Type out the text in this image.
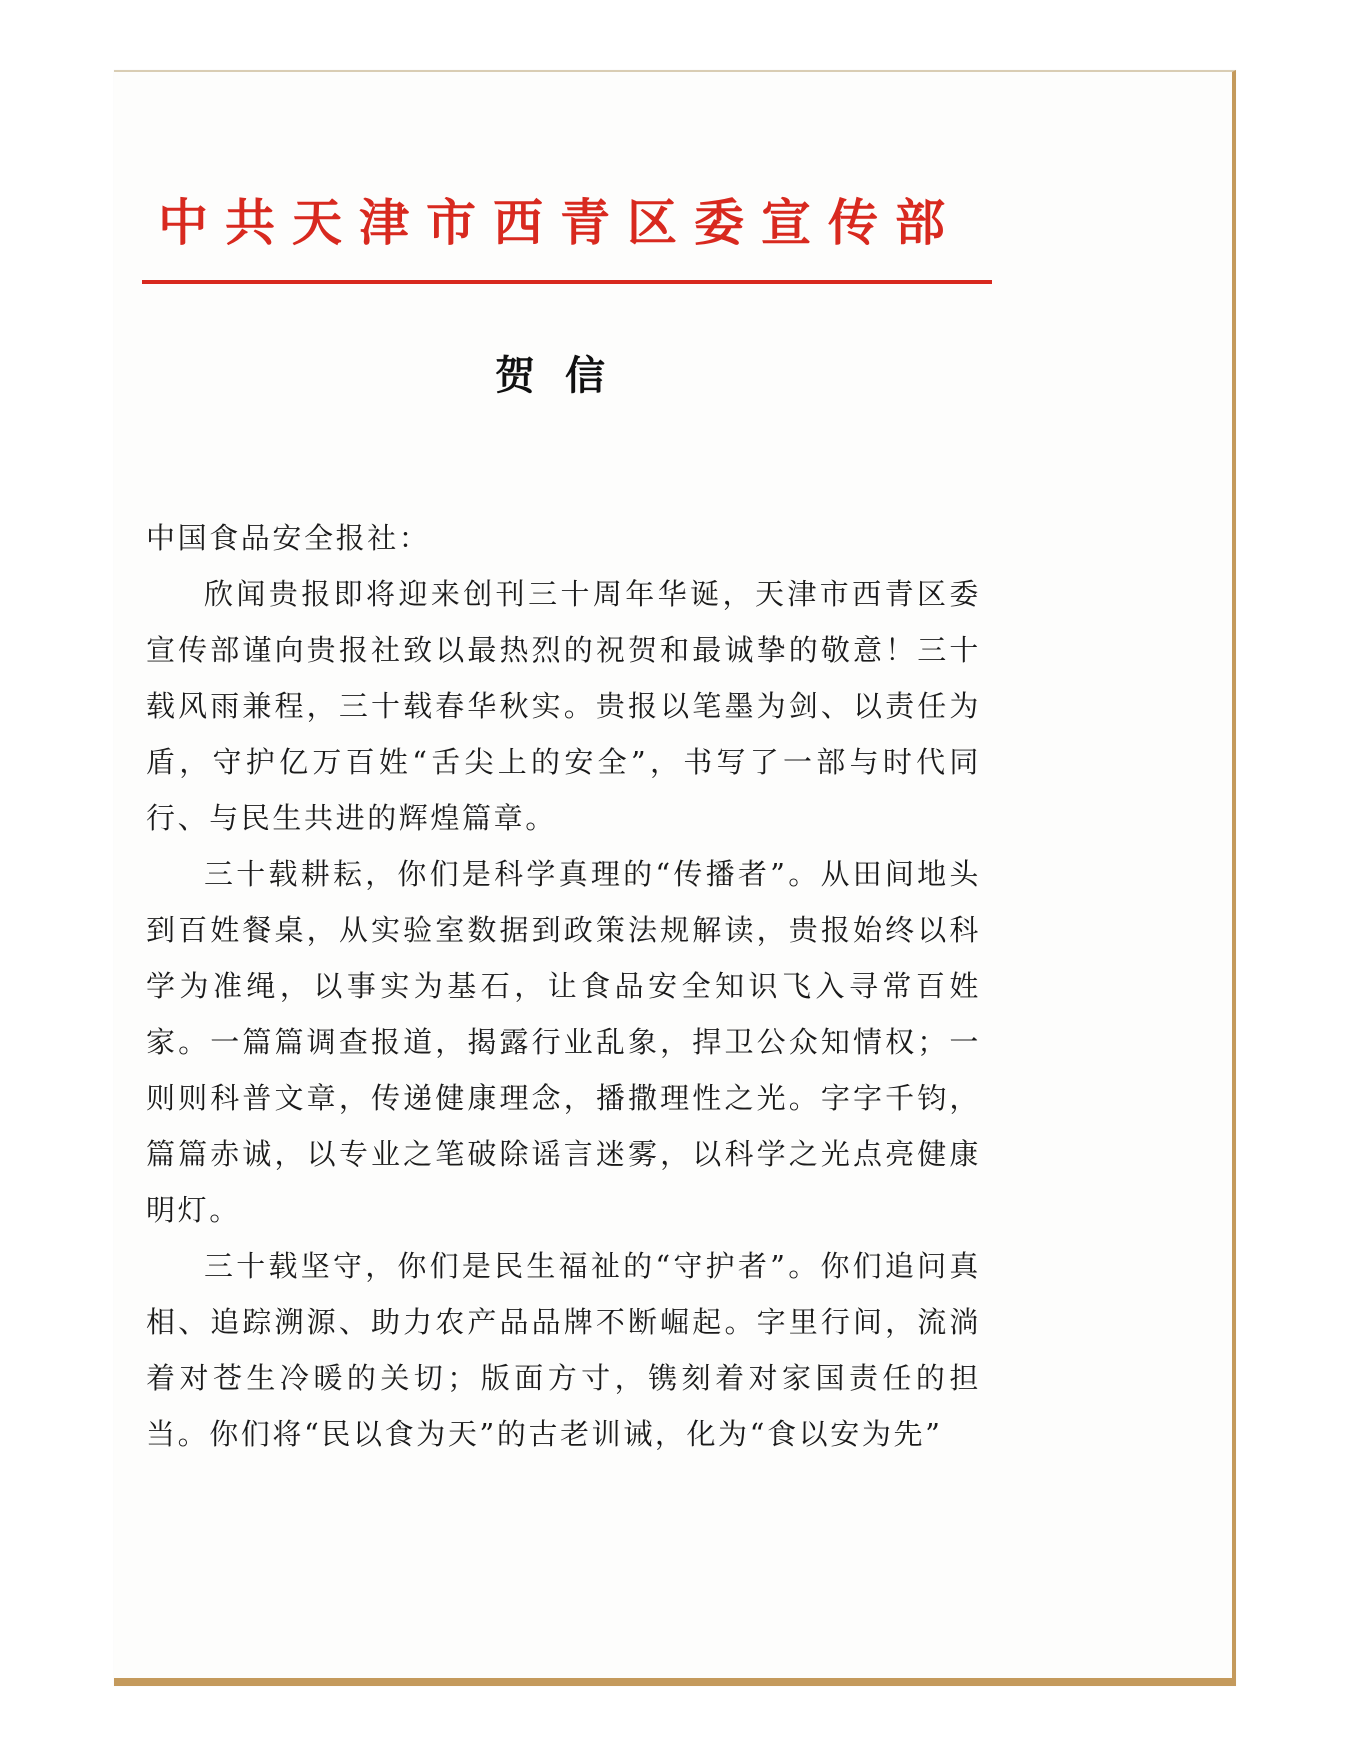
中共天津市西青区委宣传部
贺信

中国食品安全报社：

欣闻贵报即将迎来创刊三十周年华诞，天津市西青区委宣传部谨向贵报社致以最热烈的祝贺和最诚挚的敬意！三十载风雨兼程，三十载春华秋实。贵报以笔墨为剑、以责任为盾，守护亿万百姓“舌尖上的安全”，书写了一部与时代同行、与民生共进的辉煌篇章。

三十载耕耘，你们是科学真理的“传播者”。从田间地头到百姓餐桌，从实验室数据到政策法规解读，贵报始终以科学为准绳，以事实为基石，让食品安全知识飞入寻常百姓家。一篇篇调查报道，揭露行业乱象，捍卫公众知情权；一则则科普文章，传递健康理念，播撒理性之光。字字千钧，篇篇赤诚，以专业之笔破除谣言迷雾，以科学之光点亮健康明灯。

三十载坚守，你们是民生福祉的“守护者”。你们追问真相、追踪溯源、助力农产品品牌不断崛起。字里行间，流淌着对苍生冷暖的关切；版面方寸，镌刻着对家国责任的担当。你们将“民以食为天”的古老训诫，化为“食以安为先”
